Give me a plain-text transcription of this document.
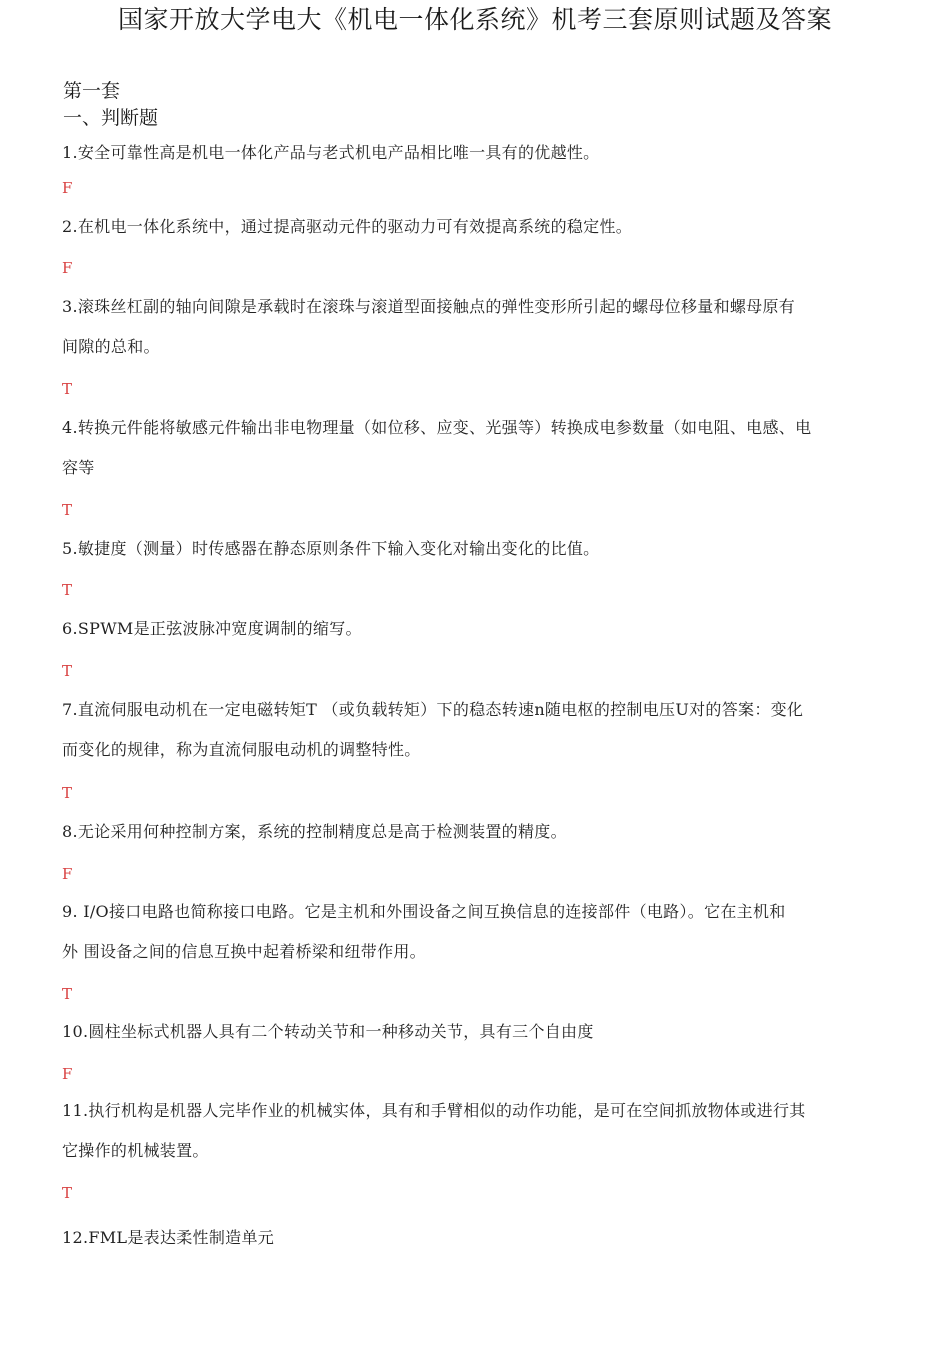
国家开放大学电大《机电一体化系统》机考三套原则试题及答案
第一套
一、判断题
1.安全可靠性高是机电一体化产品与老式机电产品相比唯一具有的优越性。
F
2.在机电一体化系统中，通过提高驱动元件的驱动力可有效提高系统的稳定性。
F
3.滚珠丝杠副的轴向间隙是承载时在滚珠与滚道型面接触点的弹性变形所引起的螺母位移量和螺母原有
间隙的总和。
T
4.转换元件能将敏感元件输出非电物理量（如位移、应变、光强等）转换成电参数量（如电阻、电感、电
容等
T
5.敏捷度（测量）时传感器在静态原则条件下输入变化对输出变化的比值。
T
6.SPWM是正弦波脉冲宽度调制的缩写。
T
7.直流伺服电动机在一定电磁转矩T （或负载转矩）下的稳态转速n随电枢的控制电压U对的答案：变化
而变化的规律，称为直流伺服电动机的调整特性。
T
8.无论采用何种控制方案，系统的控制精度总是高于检测装置的精度。
F
9. I/O接口电路也简称接口电路。它是主机和外围设备之间互换信息的连接部件（电路）。它在主机和
外 围设备之间的信息互换中起着桥梁和纽带作用。
T
10.圆柱坐标式机器人具有二个转动关节和一种移动关节，具有三个自由度
F
11.执行机构是机器人完毕作业的机械实体，具有和手臂相似的动作功能，是可在空间抓放物体或进行其
它操作的机械装置。
T
12.FML是表达柔性制造单元
